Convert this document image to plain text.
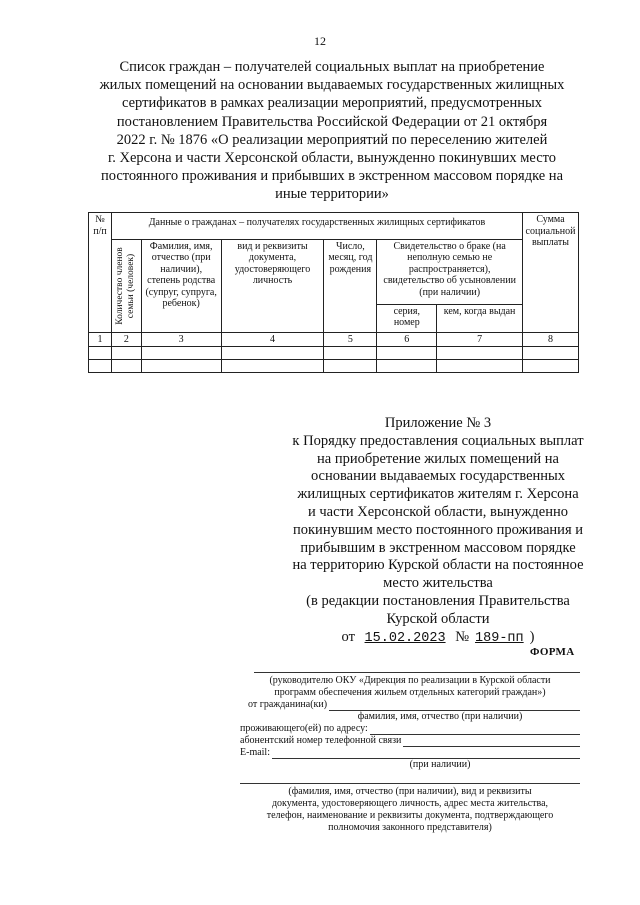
12
Список граждан – получателей социальных выплат на приобретение
жилых помещений на основании выдаваемых государственных жилищных
сертификатов в рамках реализации мероприятий, предусмотренных
постановлением Правительства Российской Федерации от 21 октября
2022 г. № 1876 «О реализации мероприятий по переселению жителей
г. Херсона и части Херсонской области, вынужденно покинувших место
постоянного проживания и прибывших в экстренном массовом порядке на
иные территории»
№ п/п	Данные о гражданах – получателях государственных жилищных сертификатов						Сумма социальной выплаты

	Количество членов семьи (человек)	Фамилия, имя, отчество (при наличии), степень родства (супруг, супруга, ребенок)	вид и реквизиты документа, удостоверяющего личность	Число, месяц, год рождения	Свидетельство о браке (на неполную семью не распространяется), свидетельство об усыновлении (при наличии)		
					серия, номер	кем, когда выдан	
1	2	3	4	5	6	7	8

Приложение № 3
к Порядку предоставления социальных выплат
на приобретение жилых помещений на
основании выдаваемых государственных
жилищных сертификатов жителям г. Херсона
и части Херсонской области, вынужденно
покинувшим место постоянного проживания и
прибывшим в экстренном массовом порядке
на территорию Курской области на постоянное
место жительства
(в редакции постановления Правительства
Курской области
от 15.02.2023 № 189-пп )
ФОРМА
(руководителю ОКУ «Дирекция по реализации в Курской области
программ обеспечения жильем отдельных категорий граждан»)
от гражданина(ки)
фамилия, имя, отчество (при наличии)
проживающего(ей) по адресу:
абонентский номер телефонной связи
E-mail:
(при наличии)
(фамилия, имя, отчество (при наличии), вид и реквизиты
документа, удостоверяющего личность, адрес места жительства,
телефон, наименование и реквизиты документа, подтверждающего
полномочия законного представителя)
